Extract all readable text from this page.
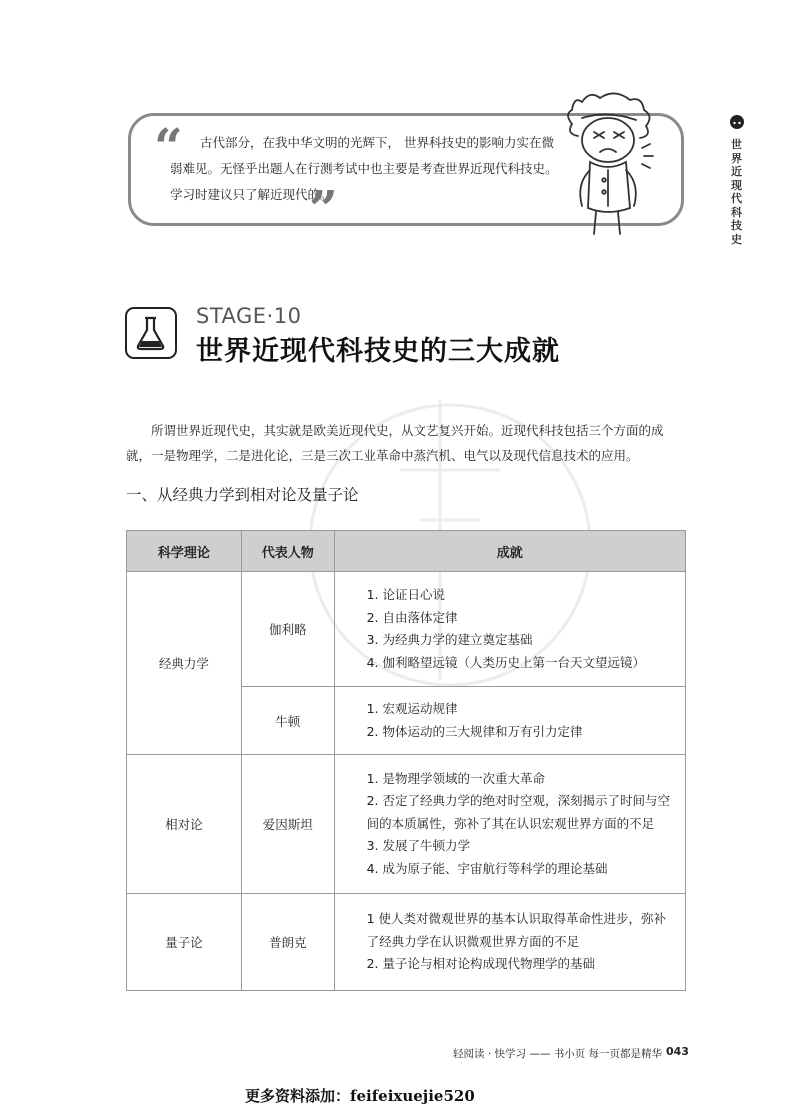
“	古代部分，在我中华文明的光辉下， 世界科技史的影响力实在微弱难见。无怪乎出题人在行测考试中也主要是考查世界近现代科技史。学习时建议只了解近现代的。
”
世界近现代科技史
STAGE·10
世界近现代科技史的三大成就
所谓世界近现代史，其实就是欧美近现代史，从文艺复兴开始。近现代科技包括三个方面的成就，一是物理学，二是进化论，三是三次工业革命中蒸汽机、电气以及现代信息技术的应用。
一、从经典力学到相对论及量子论
科学理论	代表人物	成就
经典力学	伽利略	1. 论证日心说
2. 自由落体定律
3. 为经典力学的建立奠定基础
4. 伽利略望远镜（人类历史上第一台天文望远镜）

	牛顿	1. 宏观运动规律
2. 物体运动的三大规律和万有引力定律

相对论	爱因斯坦	1. 是物理学领域的一次重大革命
2. 否定了经典力学的绝对时空观，深刻揭示了时间与空间的本质属性，弥补了其在认识宏观世界方面的不足
3. 发展了牛顿力学
4. 成为原子能、宇宙航行等科学的理论基础

量子论	普朗克	1 使人类对微观世界的基本认识取得革命性进步，弥补了经典力学在认识微观世界方面的不足
2. 量子论与相对论构成现代物理学的基础
轻阅读 · 快学习 —— 书小页 每一页都是精华 043
更多资料添加：feifeixuejie520
